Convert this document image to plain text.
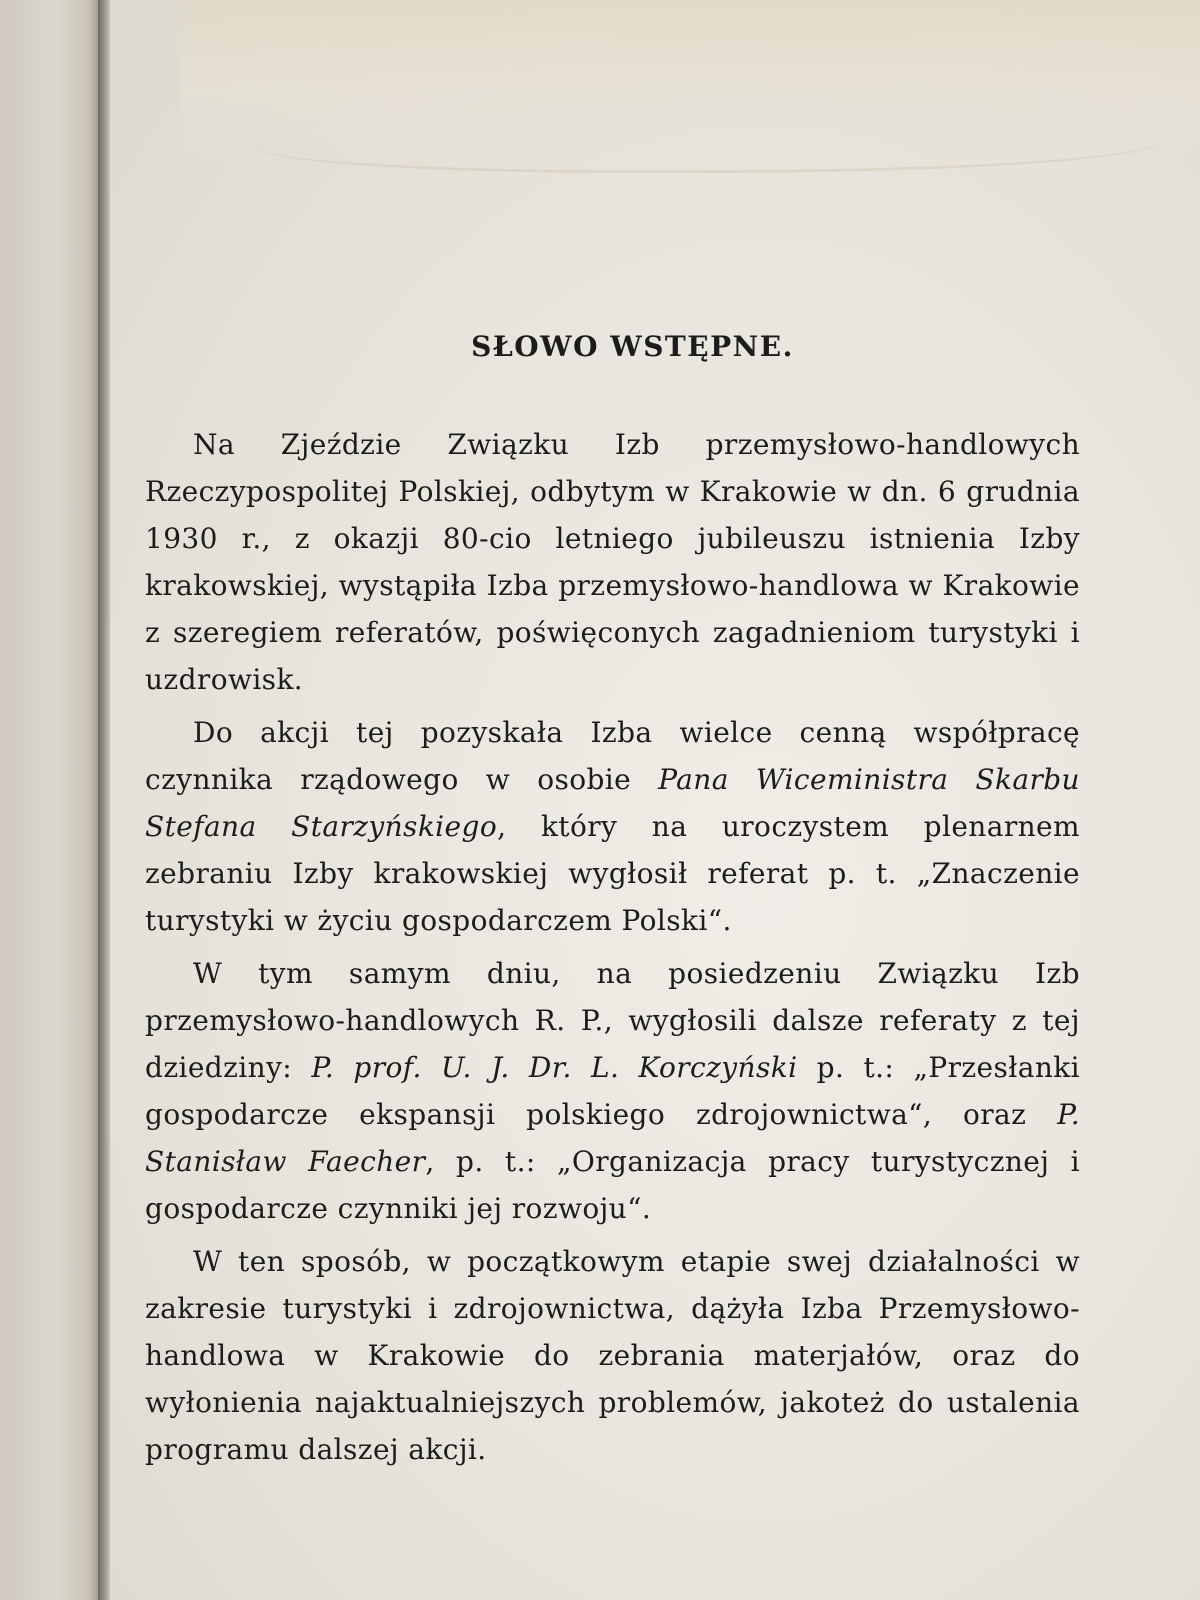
SŁOWO WSTĘPNE.

Na Zjeździe Związku Izb przemysłowo-handlowych Rzeczypospolitej Polskiej, odbytym w Krakowie w dn. 6 grudnia 1930 r., z okazji 80-cio letniego jubileuszu istnienia Izby krakowskiej, wystąpiła Izba przemysłowo-handlowa w Krakowie z szeregiem referatów, poświęconych zagadnieniom turystyki i uzdrowisk.

Do akcji tej pozyskała Izba wielce cenną współpracę czynnika rządowego w osobie Pana Wiceministra Skarbu Stefana Starzyńskiego, który na uroczystem plenarnem zebraniu Izby krakowskiej wygłosił referat p. t. „Znaczenie turystyki w życiu gospodarczem Polski“.

W tym samym dniu, na posiedzeniu Związku Izb przemysłowo-handlowych R. P., wygłosili dalsze referaty z tej dziedziny: P. prof. U. J. Dr. L. Korczyński p. t.: „Przesłanki gospodarcze ekspansji polskiego zdrojownictwa“, oraz P. Stanisław Faecher, p. t.: „Organizacja pracy turystycznej i gospodarcze czynniki jej rozwoju“.

W ten sposób, w początkowym etapie swej działalności w zakresie turystyki i zdrojownictwa, dążyła Izba Przemysłowo-handlowa w Krakowie do zebrania materjałów, oraz do wyłonienia najaktualniejszych problemów, jakoteż do ustalenia programu dalszej akcji.
